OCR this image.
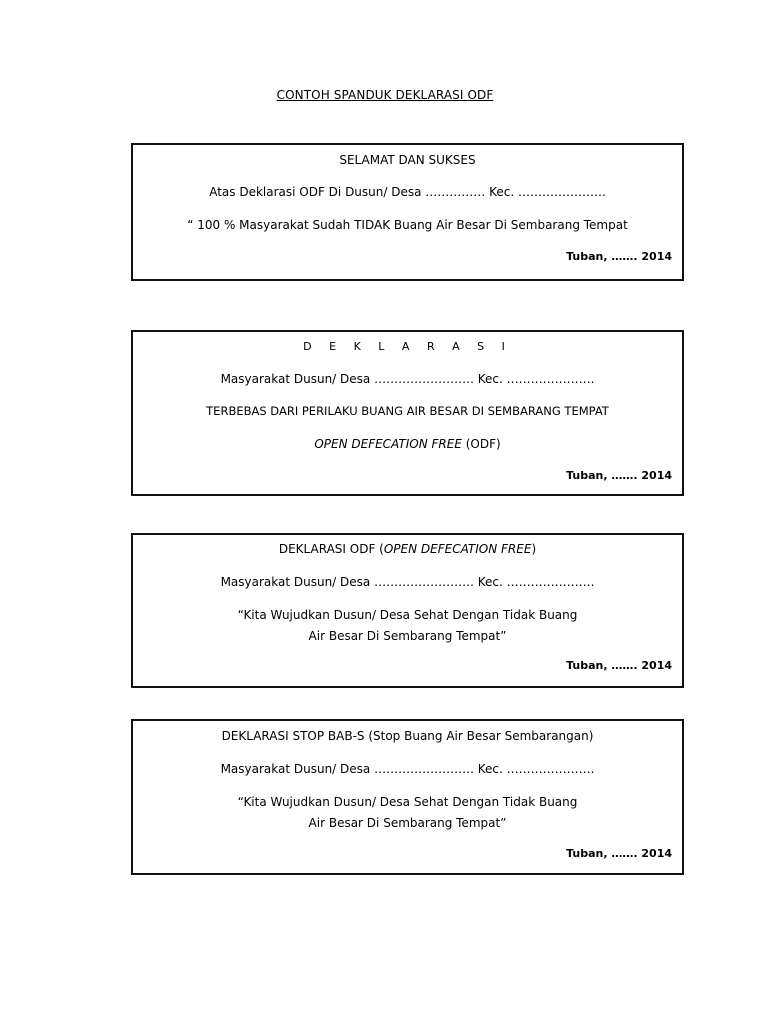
CONTOH SPANDUK DEKLARASI ODF
SELAMAT DAN SUKSES
Atas Deklarasi ODF Di Dusun/ Desa …………… Kec. ………………….
“ 100 % Masyarakat Sudah TIDAK Buang Air Besar Di Sembarang Tempat
Tuban, ……. 2014
D E K L A R A S I
Masyarakat Dusun/ Desa ……………………. Kec. ………………….
TERBEBAS DARI PERILAKU BUANG AIR BESAR DI SEMBARANG TEMPAT
OPEN DEFECATION FREE (ODF)
Tuban, ……. 2014
DEKLARASI ODF (OPEN DEFECATION FREE)
Masyarakat Dusun/ Desa ……………………. Kec. ………………….
“Kita Wujudkan Dusun/ Desa Sehat Dengan Tidak Buang Air Besar Di Sembarang Tempat”
Tuban, ……. 2014
DEKLARASI STOP BAB-S (Stop Buang Air Besar Sembarangan)
Masyarakat Dusun/ Desa ……………………. Kec. ………………….
“Kita Wujudkan Dusun/ Desa Sehat Dengan Tidak Buang Air Besar Di Sembarang Tempat”
Tuban, ……. 2014
